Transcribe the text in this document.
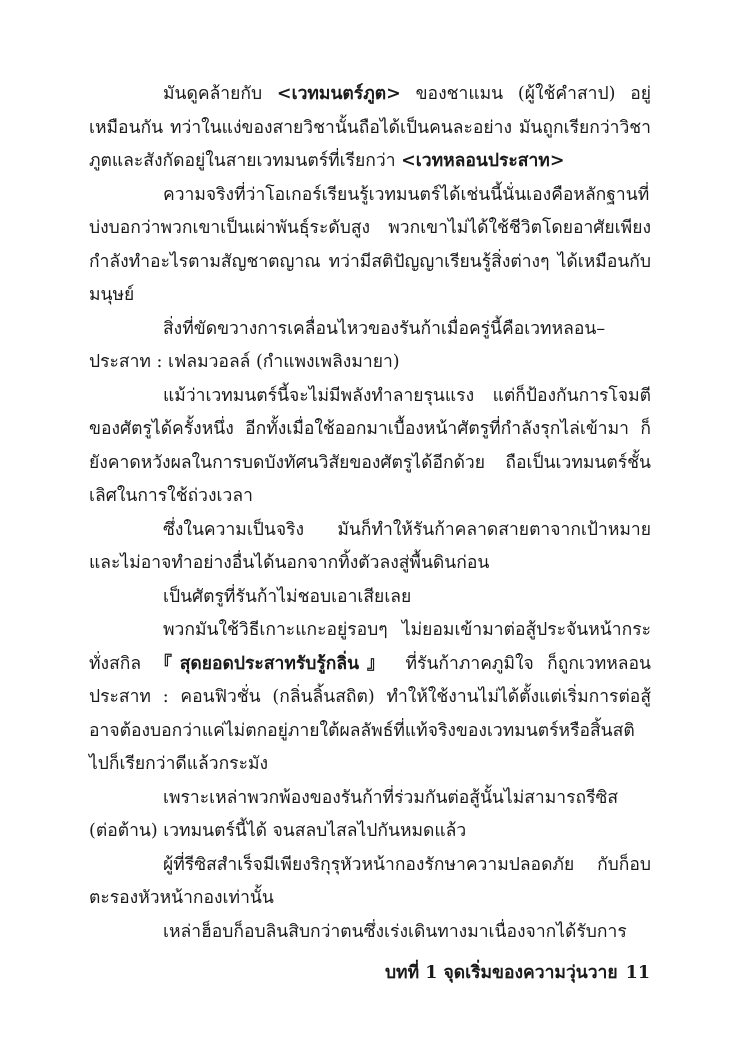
มันดูคล้ายกับ <เวทมนตร์ภูต> ของชาแมน (ผู้ใช้คำสาป) อยู่เหมือนกัน ทว่าในแง่ของสายวิชานั้นถือได้เป็นคนละอย่าง มันถูกเรียกว่าวิชาภูตและสังกัดอยู่ในสายเวทมนตร์ที่เรียกว่า <เวทหลอนประสาท>

ความจริงที่ว่าโอเกอร์เรียนรู้เวทมนตร์ได้เช่นนี้นั่นเองคือหลักฐานที่บ่งบอกว่าพวกเขาเป็นเผ่าพันธุ์ระดับสูง พวกเขาไม่ได้ใช้ชีวิตโดยอาศัยเพียงกำลังทำอะไรตามสัญชาตญาณ ทว่ามีสติปัญญาเรียนรู้สิ่งต่างๆ ได้เหมือนกับมนุษย์

สิ่งที่ขัดขวางการเคลื่อนไหวของรันก้าเมื่อครู่นี้คือเวทหลอน–ประสาท : เฟลมวอลล์ (กำแพงเพลิงมายา)

แม้ว่าเวทมนตร์นี้จะไม่มีพลังทำลายรุนแรง แต่ก็ป้องกันการโจมตีของศัตรูได้ครั้งหนึ่ง อีกทั้งเมื่อใช้ออกมาเบื้องหน้าศัตรูที่กำลังรุกไล่เข้ามา ก็ยังคาดหวังผลในการบดบังทัศนวิสัยของศัตรูได้อีกด้วย ถือเป็นเวทมนตร์ชั้นเลิศในการใช้ถ่วงเวลา

ซึ่งในความเป็นจริง มันก็ทำให้รันก้าคลาดสายตาจากเป้าหมายและไม่อาจทำอย่างอื่นได้นอกจากทิ้งตัวลงสู่พื้นดินก่อน

เป็นศัตรูที่รันก้าไม่ชอบเอาเสียเลย

พวกมันใช้วิธีเกาะแกะอยู่รอบๆ ไม่ยอมเข้ามาต่อสู้ประจันหน้ากระทั่งสกิล 『สุดยอดประสาทรับรู้กลิ่น』 ที่รันก้าภาคภูมิใจ ก็ถูกเวทหลอนประสาท : คอนฟิวชั่น (กลิ่นลิ้นสถิต) ทำให้ใช้งานไม่ได้ตั้งแต่เริ่มการต่อสู้ อาจต้องบอกว่าแค่ไม่ตกอยู่ภายใต้ผลลัพธ์ที่แท้จริงของเวทมนตร์หรือสิ้นสติไปก็เรียกว่าดีแล้วกระมัง

เพราะเหล่าพวกพ้องของรันก้าที่ร่วมกันต่อสู้นั้นไม่สามารถรีซิส (ต่อต้าน) เวทมนตร์นี้ได้ จนสลบไสลไปกันหมดแล้ว

ผู้ที่รีซิสสำเร็จมีเพียงริกุรุหัวหน้ากองรักษาความปลอดภัย กับก็อบตะรองหัวหน้ากองเท่านั้น

เหล่าฮ็อบก็อบลินสิบกว่าตนซึ่งเร่งเดินทางมาเนื่องจากได้รับการ

บทที่ 1 จุดเริ่มของความวุ่นวาย 11
